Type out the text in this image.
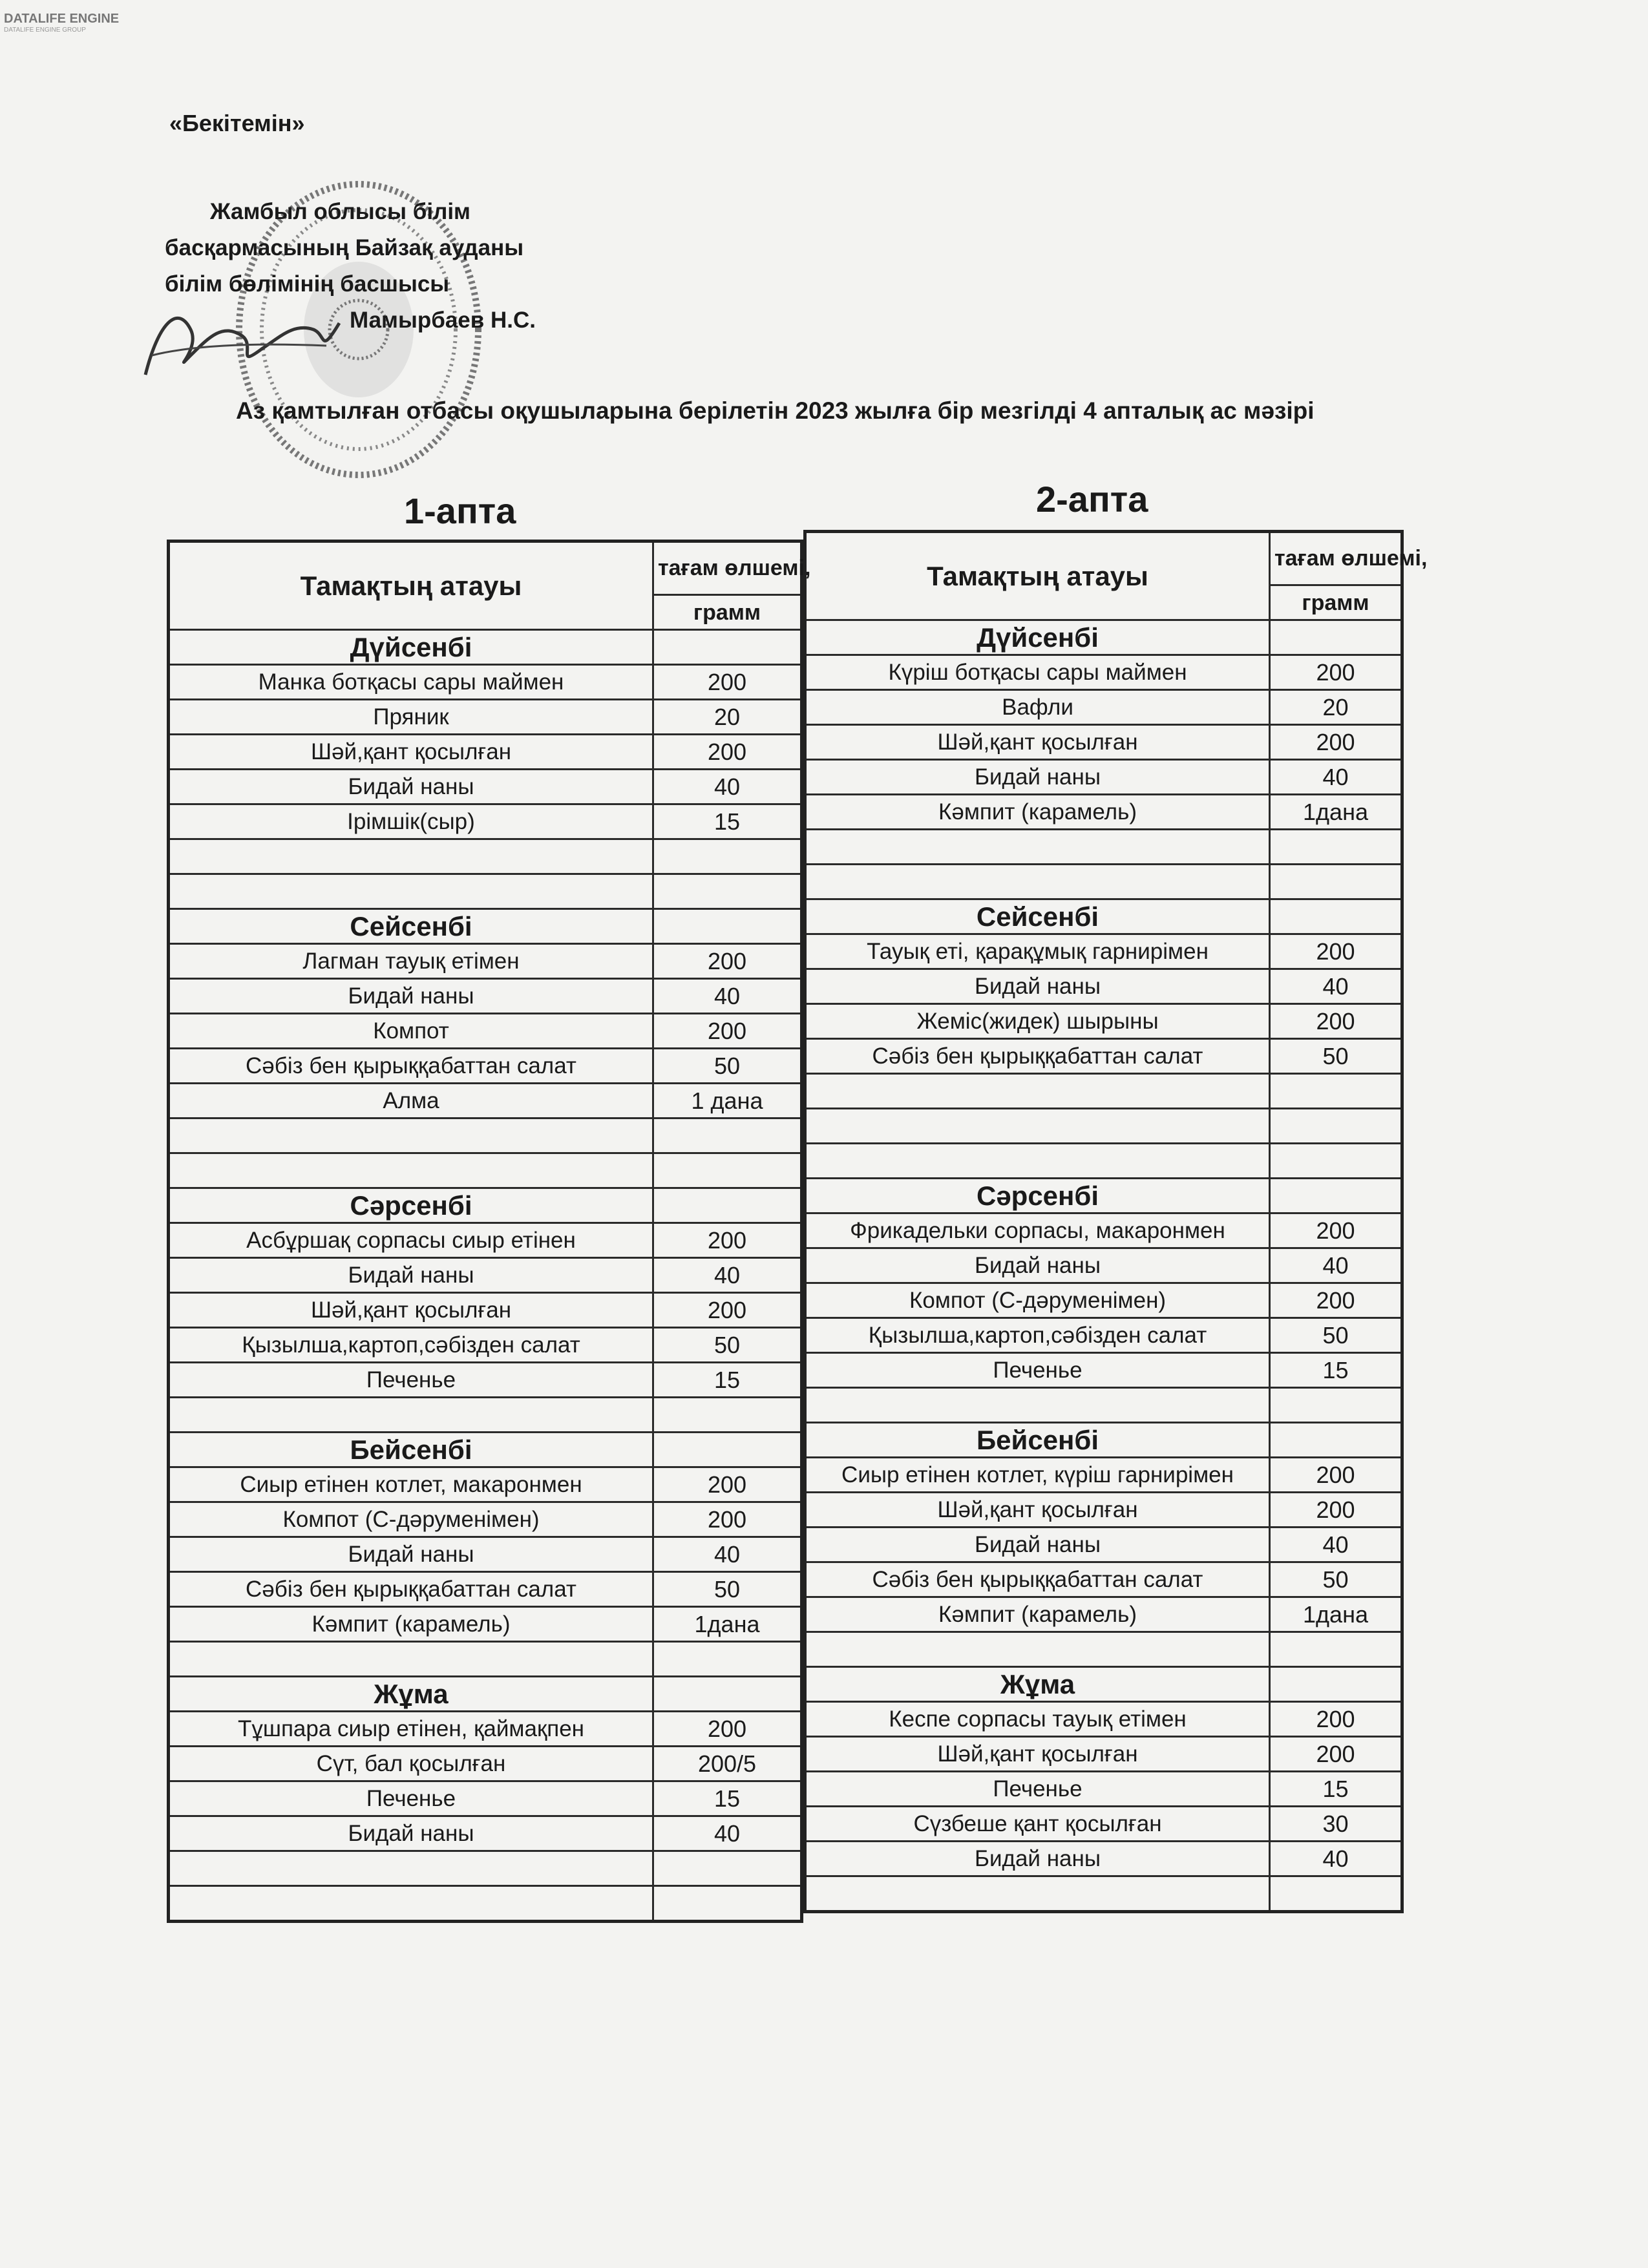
DATALIFE ENGINE
DATALIFE ENGINE GROUP
«Бекітемін»
Жамбыл облысы білім
басқармасының Байзақ ауданы
білім бөлімінің басшысы
Мамырбаев Н.С.
Аз қамтылған отбасы оқушыларына берілетін 2023 жылға бір мезгілді 4 апталық ас мәзірі
1-апта	2-апта
Тамақтың атауы	тағам өлшемі,
	грамм
Дүйсенбі	
Манка ботқасы сары маймен	200
Пряник	20
Шәй,қант қосылған	200
Бидай наны	40
Ірімшік(сыр)	15

Сейсенбі	
Лагман тауық етімен	200
Бидай наны	40
Компот	200
Сәбіз бен қырыққабаттан салат	50
Алма	1 дана

Сәрсенбі	
Асбұршақ сорпасы сиыр етінен	200
Бидай наны	40
Шәй,қант қосылған	200
Қызылша,картоп,сәбізден салат	50
Печенье	15

Бейсенбі	
Сиыр етінен котлет, макаронмен	200
Компот (С-дәруменімен)	200
Бидай наны	40
Сәбіз бен қырыққабаттан салат	50
Кәмпит (карамель)	1дана

Жұма	
Тұшпара сиыр етінен, қаймақпен	200
Сүт, бал қосылған	200/5
Печенье	15
Бидай наны	40

Тамақтың атауы	тағам өлшемі,
	грамм
Дүйсенбі	
Күріш ботқасы сары маймен	200
Вафли	20
Шәй,қант қосылған	200
Бидай наны	40
Кәмпит (карамель)	1дана

Сейсенбі	
Тауық еті, қарақұмық гарнирімен	200
Бидай наны	40
Жеміс(жидек) шырыны	200
Сәбіз бен қырыққабаттан салат	50

Сәрсенбі	
Фрикадельки сорпасы, макаронмен	200
Бидай наны	40
Компот (С-дәруменімен)	200
Қызылша,картоп,сәбізден салат	50
Печенье	15

Бейсенбі	
Сиыр етінен котлет, күріш гарнирімен	200
Шәй,қант қосылған	200
Бидай наны	40
Сәбіз бен қырыққабаттан салат	50
Кәмпит (карамель)	1дана

Жұма	
Кеспе сорпасы тауық етімен	200
Шәй,қант қосылған	200
Печенье	15
Сүзбеше қант қосылған	30
Бидай наны	40
